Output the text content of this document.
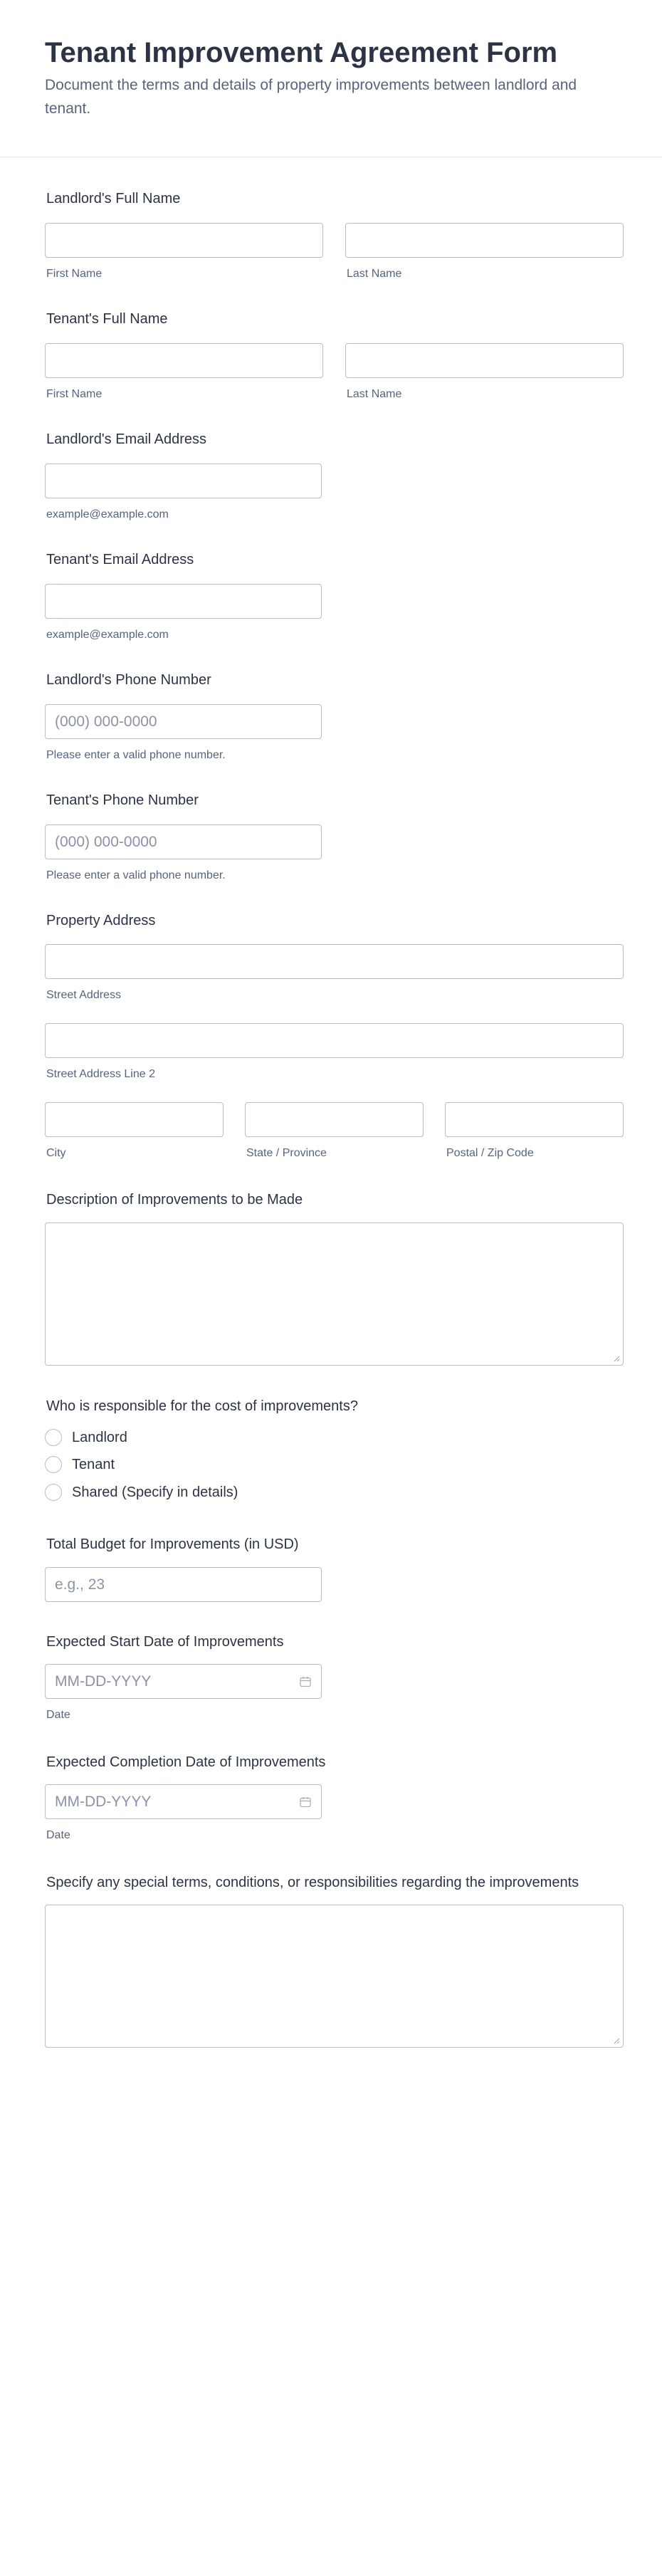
Tenant Improvement Agreement Form

Document the terms and details of property improvements between landlord and tenant.

Landlord's Full Name
First Name	Last Name
Tenant's Full Name
First Name	Last Name
Landlord's Email Address
example@example.com
Tenant's Email Address
example@example.com
Landlord's Phone Number
(000) 000-0000
Please enter a valid phone number.
Tenant's Phone Number
(000) 000-0000
Please enter a valid phone number.
Property Address
Street Address
Street Address Line 2
City	State / Province	Postal / Zip Code
Description of Improvements to be Made
Who is responsible for the cost of improvements?
Landlord
Tenant
Shared (Specify in details)
Total Budget for Improvements (in USD)
e.g., 23
Expected Start Date of Improvements
MM-DD-YYYY
Date
Expected Completion Date of Improvements
MM-DD-YYYY
Date
Specify any special terms, conditions, or responsibilities regarding the improvements
